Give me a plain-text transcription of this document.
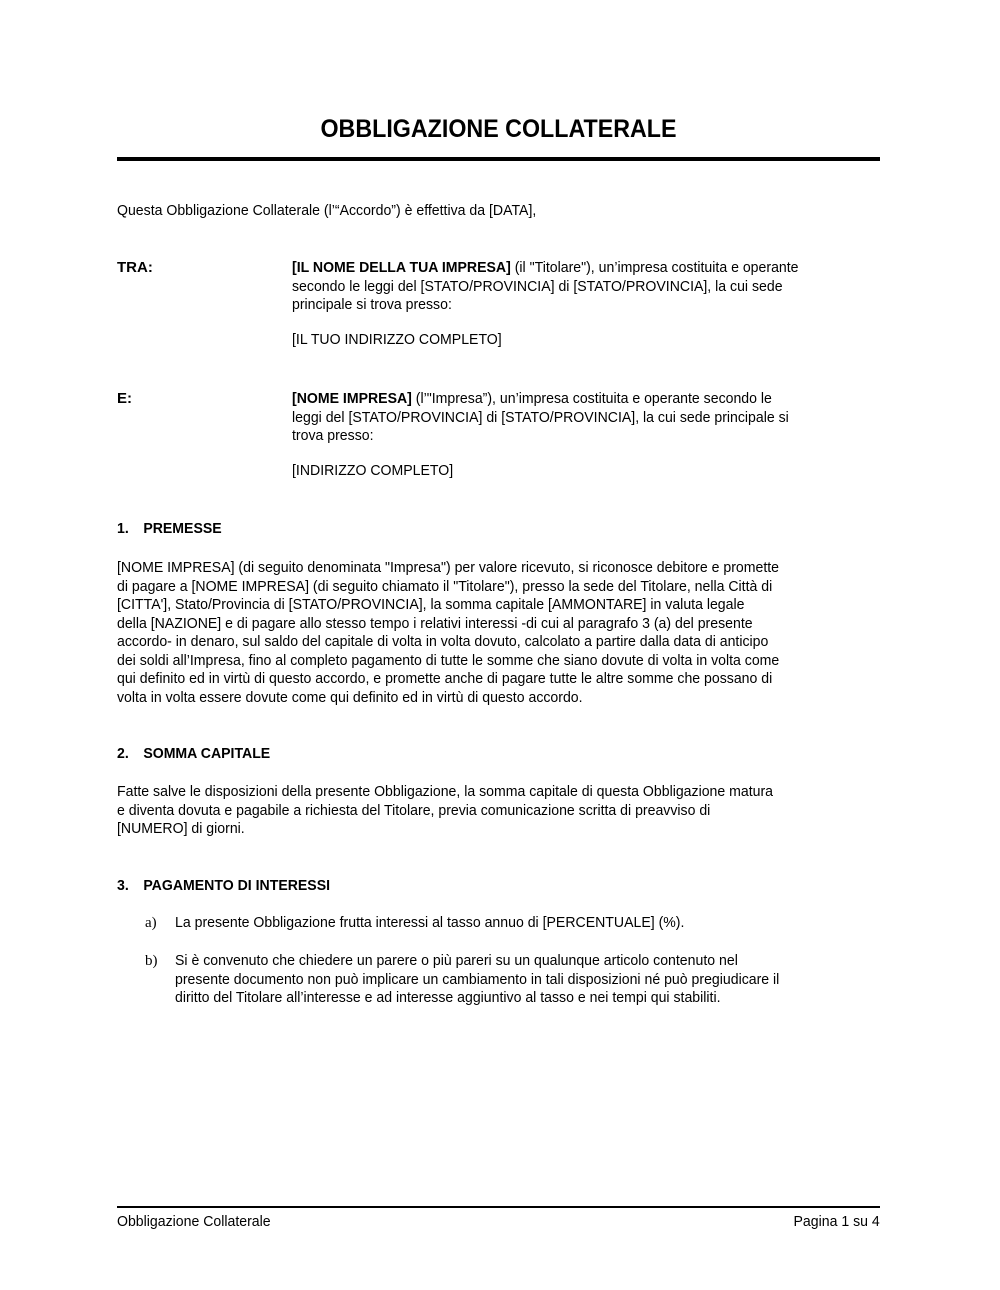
OBBLIGAZIONE COLLATERALE
Questa Obbligazione Collaterale (l’“Accordo”) è effettiva da [DATA],
TRA:	[IL NOME DELLA TUA IMPRESA] (il "Titolare"), un’impresa costituita e operante
secondo le leggi del [STATO/PROVINCIA] di [STATO/PROVINCIA], la cui sede
principale si trova presso:
[IL TUO INDIRIZZO COMPLETO]
E:	[NOME IMPRESA] (l’"Impresa”), un’impresa costituita e operante secondo le
leggi del [STATO/PROVINCIA] di [STATO/PROVINCIA], la cui sede principale si
trova presso:
[INDIRIZZO COMPLETO]
1. PREMESSE
[NOME IMPRESA] (di seguito denominata "Impresa") per valore ricevuto, si riconosce debitore e promette
di pagare a [NOME IMPRESA] (di seguito chiamato il "Titolare"), presso la sede del Titolare, nella Città di
[CITTA'], Stato/Provincia di [STATO/PROVINCIA], la somma capitale [AMMONTARE] in valuta legale
della [NAZIONE] e di pagare allo stesso tempo i relativi interessi -di cui al paragrafo 3 (a) del presente
accordo- in denaro, sul saldo del capitale di volta in volta dovuto, calcolato a partire dalla data di anticipo
dei soldi all’Impresa, fino al completo pagamento di tutte le somme che siano dovute di volta in volta come
qui definito ed in virtù di questo accordo, e promette anche di pagare tutte le altre somme che possano di
volta in volta essere dovute come qui definito ed in virtù di questo accordo.
2. SOMMA CAPITALE
Fatte salve le disposizioni della presente Obbligazione, la somma capitale di questa Obbligazione matura
e diventa dovuta e pagabile a richiesta del Titolare, previa comunicazione scritta di preavviso di
[NUMERO] di giorni.
3. PAGAMENTO DI INTERESSI
a) La presente Obbligazione frutta interessi al tasso annuo di [PERCENTUALE] (%).
b) Si è convenuto che chiedere un parere o più pareri su un qualunque articolo contenuto nel
presente documento non può implicare un cambiamento in tali disposizioni né può pregiudicare il
diritto del Titolare all’interesse e ad interesse aggiuntivo al tasso e nei tempi qui stabiliti.
Obbligazione Collaterale	Pagina 1 su 4
